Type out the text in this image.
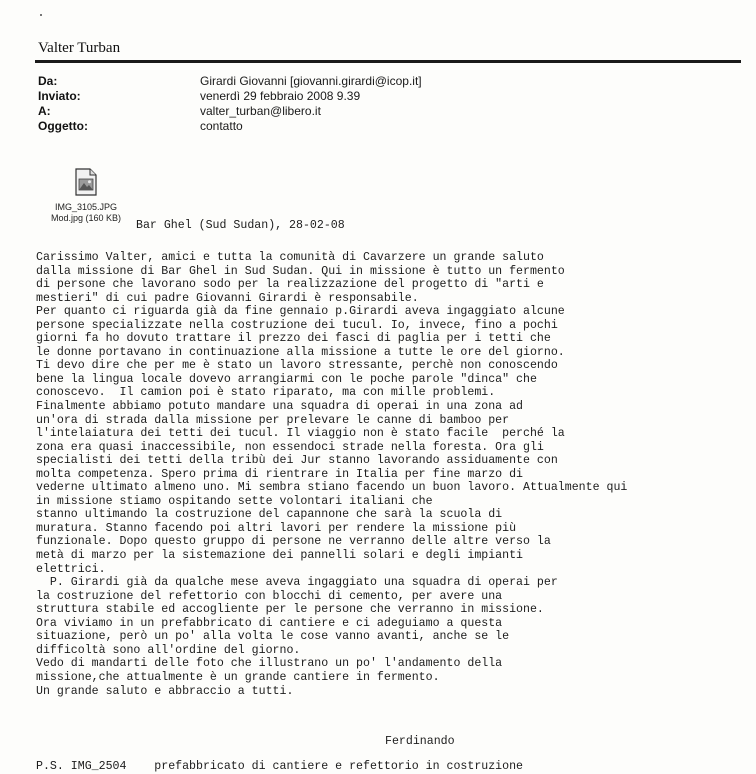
Valter Turban
Da:	Girardi Giovanni [giovanni.girardi@icop.it]
Inviato:	venerdì 29 febbraio 2008 9.39
A:	valter_turban@libero.it
Oggetto:	contatto
IMG_3105.JPG
Mod.jpg (160 KB)
Bar Ghel (Sud Sudan), 28-02-08
Carissimo Valter, amici e tutta la comunità di Cavarzere un grande saluto
dalla missione di Bar Ghel in Sud Sudan. Qui in missione è tutto un fermento
di persone che lavorano sodo per la realizzazione del progetto di "arti e
mestieri" di cui padre Giovanni Girardi è responsabile.
Per quanto ci riguarda già da fine gennaio p.Girardi aveva ingaggiato alcune
persone specializzate nella costruzione dei tucul. Io, invece, fino a pochi
giorni fa ho dovuto trattare il prezzo dei fasci di paglia per i tetti che
le donne portavano in continuazione alla missione a tutte le ore del giorno.
Ti devo dire che per me è stato un lavoro stressante, perchè non conoscendo
bene la lingua locale dovevo arrangiarmi con le poche parole "dinca" che
conoscevo.  Il camion poi è stato riparato, ma con mille problemi.
Finalmente abbiamo potuto mandare una squadra di operai in una zona ad
un'ora di strada dalla missione per prelevare le canne di bamboo per
l'intelaiatura dei tetti dei tucul. Il viaggio non è stato facile  perché la
zona era quasi inaccessibile, non essendoci strade nella foresta. Ora gli
specialisti dei tetti della tribù dei Jur stanno lavorando assiduamente con
molta competenza. Spero prima di rientrare in Italia per fine marzo di
vederne ultimato almeno uno. Mi sembra stiano facendo un buon lavoro. Attualmente qui
in missione stiamo ospitando sette volontari italiani che
stanno ultimando la costruzione del capannone che sarà la scuola di
muratura. Stanno facendo poi altri lavori per rendere la missione più
funzionale. Dopo questo gruppo di persone ne verranno delle altre verso la
metà di marzo per la sistemazione dei pannelli solari e degli impianti
elettrici.
P. Girardi già da qualche mese aveva ingaggiato una squadra di operai per
la costruzione del refettorio con blocchi di cemento, per avere una
struttura stabile ed accogliente per le persone che verranno in missione.
Ora viviamo in un prefabbricato di cantiere e ci adeguiamo a questa
situazione, però un po' alla volta le cose vanno avanti, anche se le
difficoltà sono all'ordine del giorno.
Vedo di mandarti delle foto che illustrano un po' l'andamento della
missione,che attualmente è un grande cantiere in fermento.
Un grande saluto e abbraccio a tutti.
Ferdinando
P.S. IMG_2504    prefabbricato di cantiere e refettorio in costruzione
